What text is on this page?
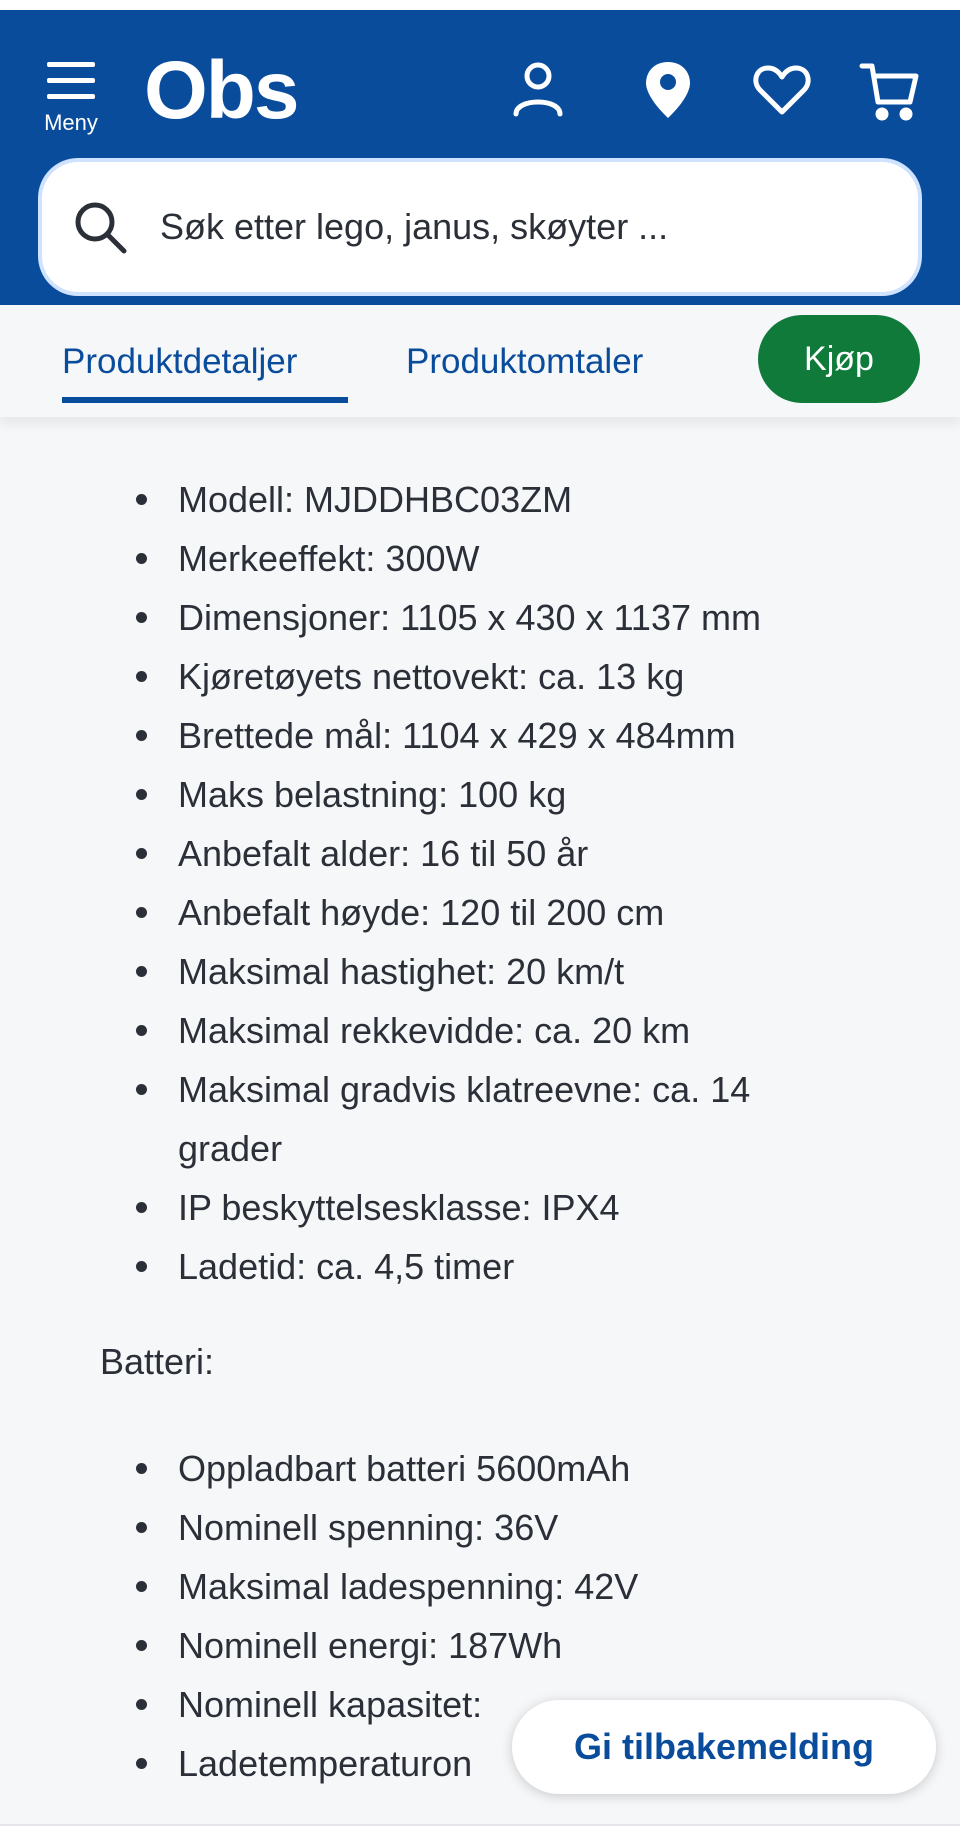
Meny Obs
Søk etter lego, janus, skøyter ...
Produktdetaljer	Produktomtaler	Kjøp
Modell: MJDDHBC03ZM
Merkeeffekt: 300W
Dimensjoner: 1105 x 430 x 1137 mm
Kjøretøyets nettovekt: ca. 13 kg
Brettede mål: 1104 x 429 x 484mm
Maks belastning: 100 kg
Anbefalt alder: 16 til 50 år
Anbefalt høyde: 120 til 200 cm
Maksimal hastighet: 20 km/t
Maksimal rekkevidde: ca. 20 km
Maksimal gradvis klatreevne: ca. 14 grader
IP beskyttelsesklasse: IPX4
Ladetid: ca. 4,5 timer
Batteri:
Oppladbart batteri 5600mAh
Nominell spenning: 36V
Maksimal ladespenning: 42V
Nominell energi: 187Wh
Nominell kapasitet:
Ladetemperaturon	Gi tilbakemelding
